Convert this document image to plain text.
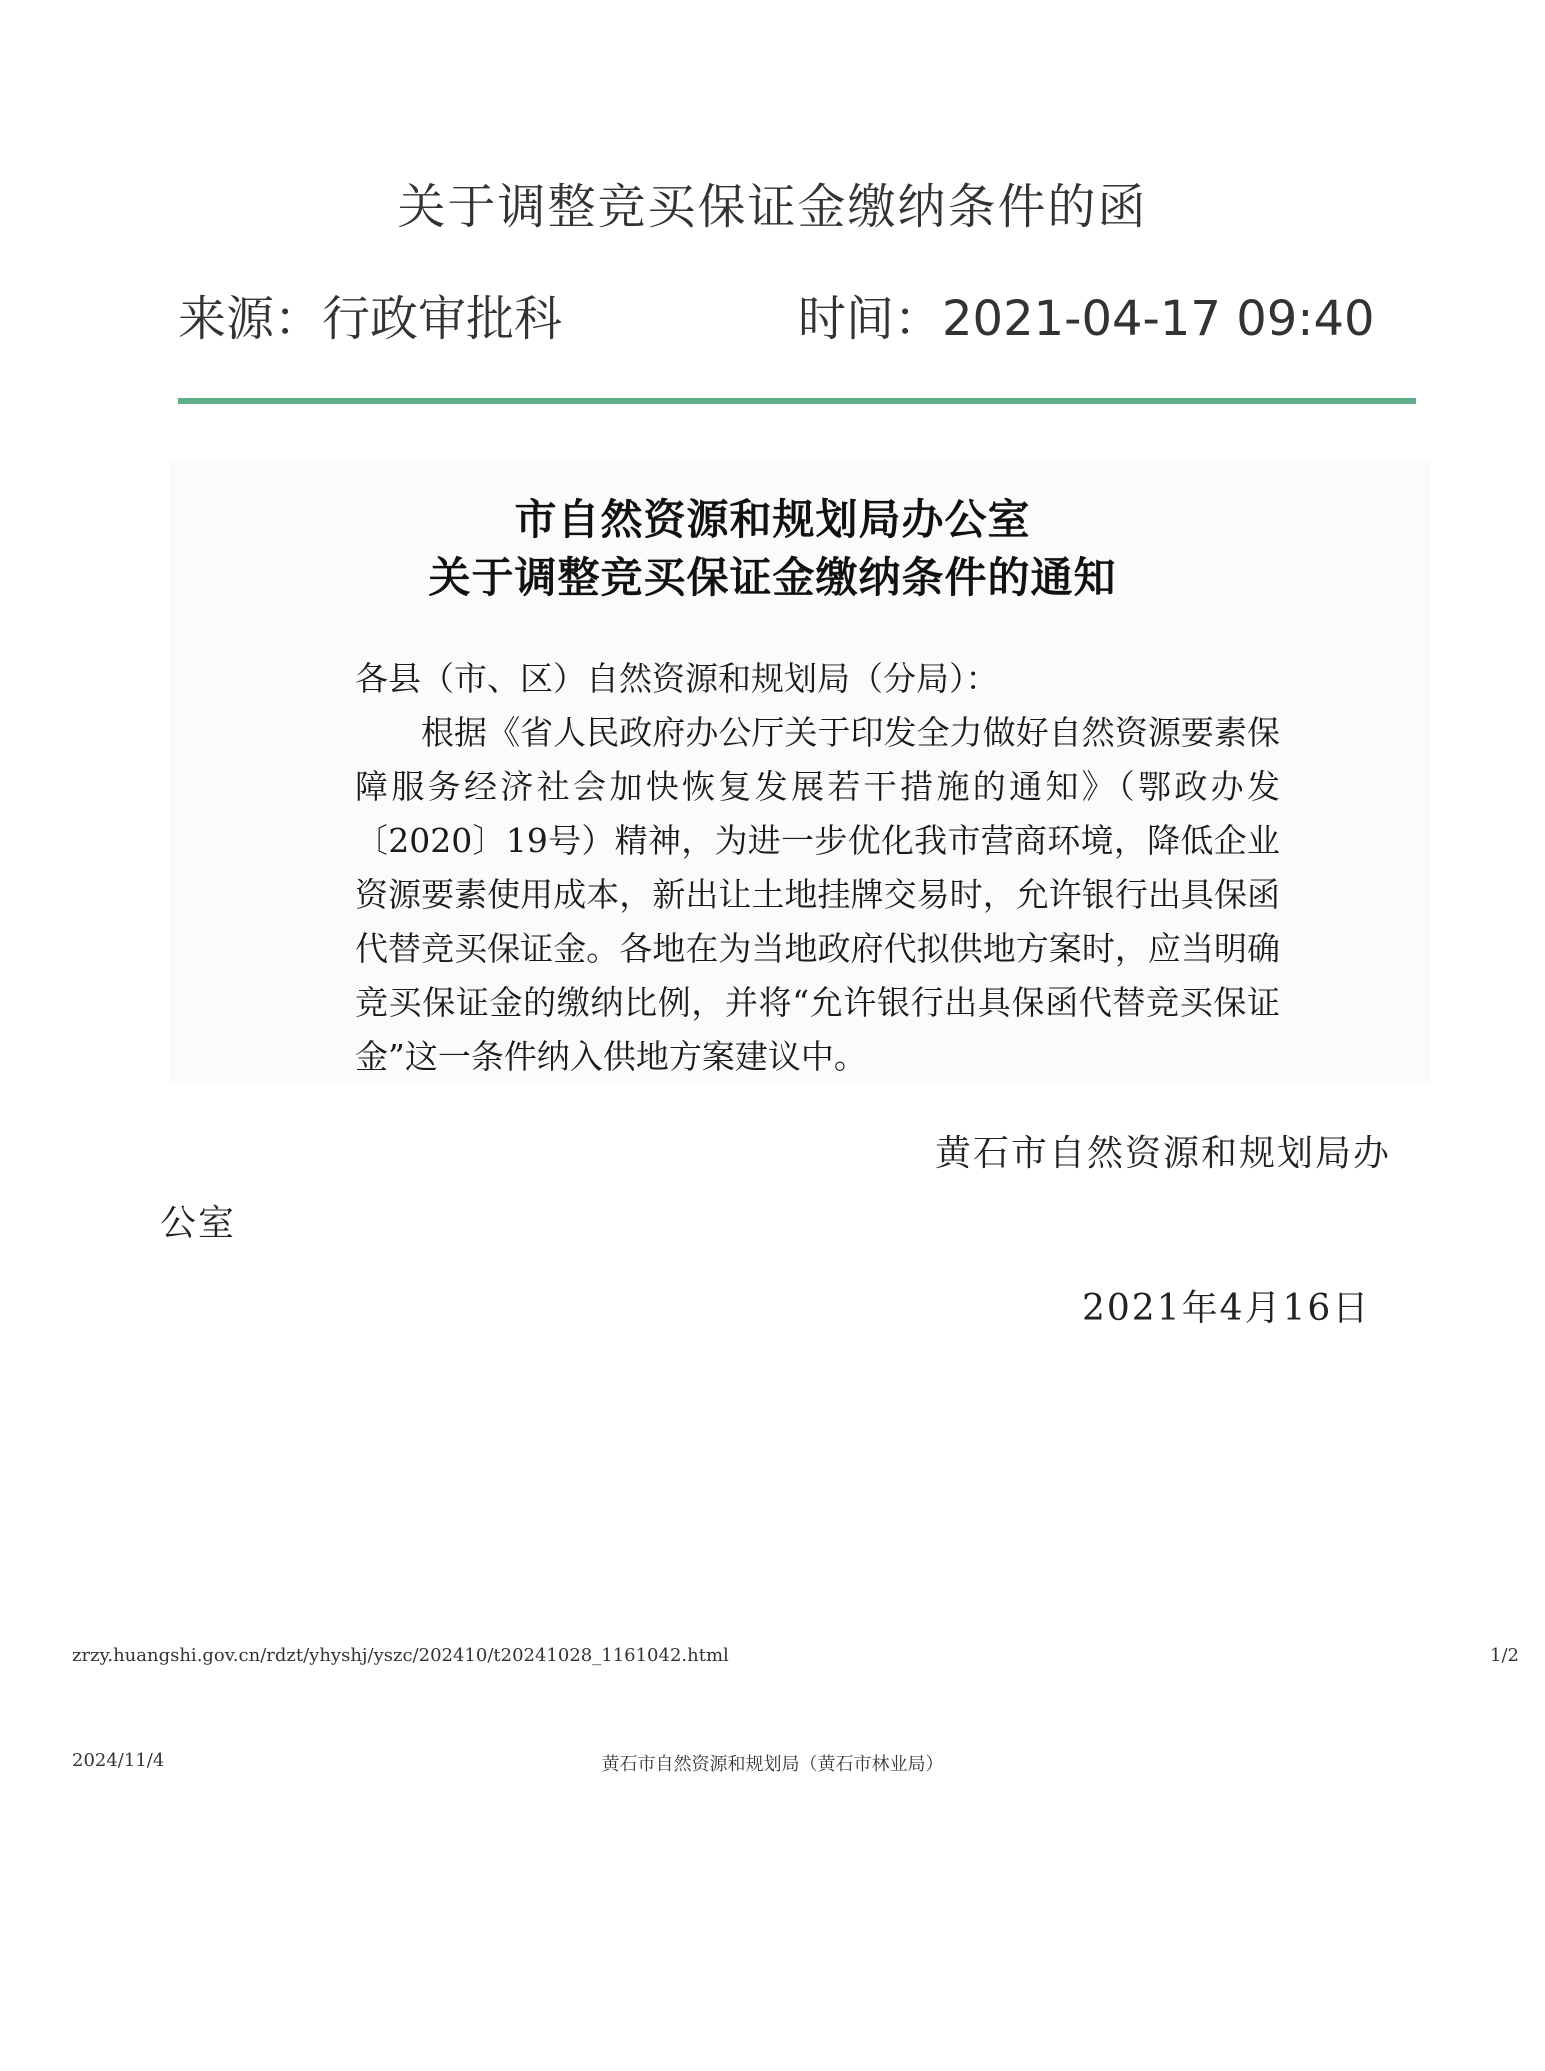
关于调整竞买保证金缴纳条件的函
来源：行政审批科	时间：2021-04-17 09:40
市自然资源和规划局办公室
关于调整竞买保证金缴纳条件的通知
各县（市、区）自然资源和规划局（分局）：
根据《省人民政府办公厅关于印发全力做好自然资源要素保障服务经济社会加快恢复发展若干措施的通知》（鄂政办发〔2020〕19号）精神，为进一步优化我市营商环境，降低企业资源要素使用成本，新出让土地挂牌交易时，允许银行出具保函代替竞买保证金。各地在为当地政府代拟供地方案时，应当明确竞买保证金的缴纳比例，并将“允许银行出具保函代替竞买保证金”这一条件纳入供地方案建议中。
黄石市自然资源和规划局办
公室
2021年4月16日
zrzy.huangshi.gov.cn/rdzt/yhyshj/yszc/202410/t20241028_1161042.html	1/2
2024/11/4	黄石市自然资源和规划局（黄石市林业局）
